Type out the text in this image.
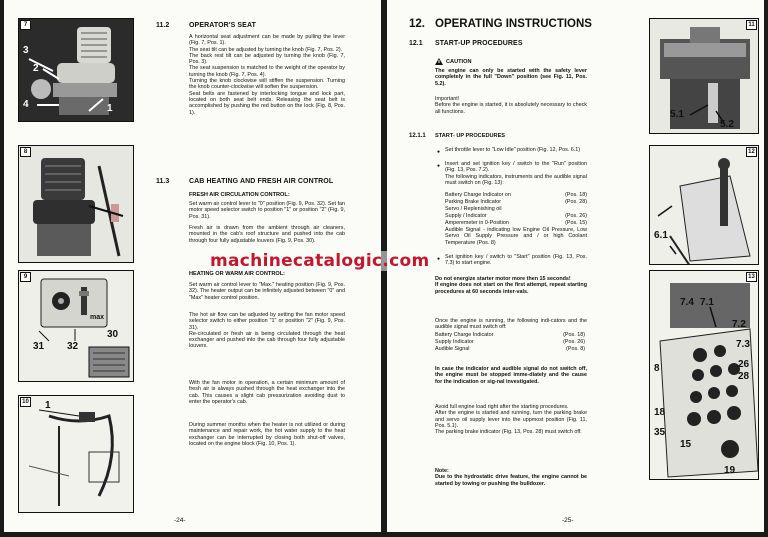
7
3
2
4	1
8
9
max
31 32
30
10 1
11.2	OPERATOR'S SEAT
A horizontal seat adjustment can be made by pulling the lever (Fig. 7, Pos. 1).
The seat tilt can be adjusted by turning the knob (Fig. 7, Pos. 2).
The back rest tilt can be adjusted by turning the knob (Fig. 7, Pos. 3).
The seat suspension is matched to the weight of the operator by turning the knob (Fig. 7, Pos. 4).
Turning the knob clockwise will stiffen the suspension. Turning the knob counter-clockwise will soften the suspension.
Seat belts are fastened by interlocking tongue and lock part, located on both seat belt ends. Releasing the seat belt is accomplished by pushing the red button on the lock (Fig. 8, Pos. 1).
11.3	CAB HEATING AND FRESH AIR CONTROL
FRESH AIR CIRCULATION CONTROL:
Set warm air control lever to "0" position (Fig. 9, Pos. 32). Set fan motor speed selector switch to position "1" or position "2" (Fig. 9, Pos. 31).
Fresh air is drawn from the ambient through air cleaners, mounted in the cab's roof structure and pushed into the cab through four fully adjustable louvers (Fig. 9, Pos. 30).
HEATING OR WARM AIR CONTROL:
Set warm air control lever to "Max." heating position (Fig. 9, Pos. 32). The heater output can be infinitely adjusted between "0" and "Max" heater control position.
The hot air flow can be adjusted by setting the fan motor speed selector switch to either position "1" or position "2" (Fig. 9, Pos. 31).
Re-circulated or fresh air is being circulated through the heat exchanger and pushed into the cab through four fully adjustable louvers.
With the fan motor in operation, a certain minimum amount of fresh air is always pushed through the heat exchanger into the cab. This causes a slight cab pressurization avoiding dust to enter the operator's cab.
During summer months when the heater is not utilized or during maintenance and repair work, the hot water supply to the heat exchanger can be interrupted by closing both shut-off valves, located on the engine block (Fig. 10, Pos. 1).
-24-
12. OPERATING INSTRUCTIONS
12.1 START-UP PROCEDURES
CAUTION
The engine can only be started with the safety lever completely in the full "Down" position (see Fig. 11, Pos. 5.2).
Important!
Before the engine is started, it is absolutely necessary to check all functions.
12.1.1 START- UP PROCEDURES
● Set throttle lever to "Low Idle" position (Fig. 12, Pos. 6.1)
● Insert and set ignition key / switch to the "Run" position (Fig. 13, Pos. 7.2).
The following indicators, instruments and the audible signal must switch on (Fig. 13):
Battery Charge Indicator on	(Pos. 18)
Parking Brake Indicator	(Pos. 28)
Servo / Replenishing oil
Supply / Indicator	(Pos. 26)
Amperemeter in 0-Position	(Pos. 15)
Audible Signal - indicating low Engine Oil Pressure, Low Servo Oil Supply Pressure and / or high Coolant Temperature (Pos. 8)
● Set ignition key / switch to "Start" position (Fig. 13, Pos. 7.3) to start engine.
Do not energize starter motor more then 15 seconds!
If engine does not start on the first attempt, repeat starting procedures at 60 seconds inter-vals.
Once the engine is running, the following indi-cators and the audible signal must switch off:
Battery Charge Indicator	(Pos. 18)
Supply Indicator	(Pos. 26)
Audible Signal	(Pos. 8)
In case the indicator and audible signal do not switch off, the engine must be stopped imme-diately and the cause for the indication or sig-nal investigated.
Avoid full engine load right after the starting procedures.
After the engine is started and running, turn the parking brake and servo oil supply lever into the uppmost position (Fig. 11, Pos. 5.1).
The parking brake indicator (Fig. 13, Pos. 28) must switch off.
Note:
Due to the hydrostatic drive feature, the engine cannot be started by towing or pushing the bulldozer.
-25-
11
5.1
5.2
12
6.1
13
7.4 7.1
7.2
7.3
26
28
8
18
35
15
19
machinecatalogic.com
